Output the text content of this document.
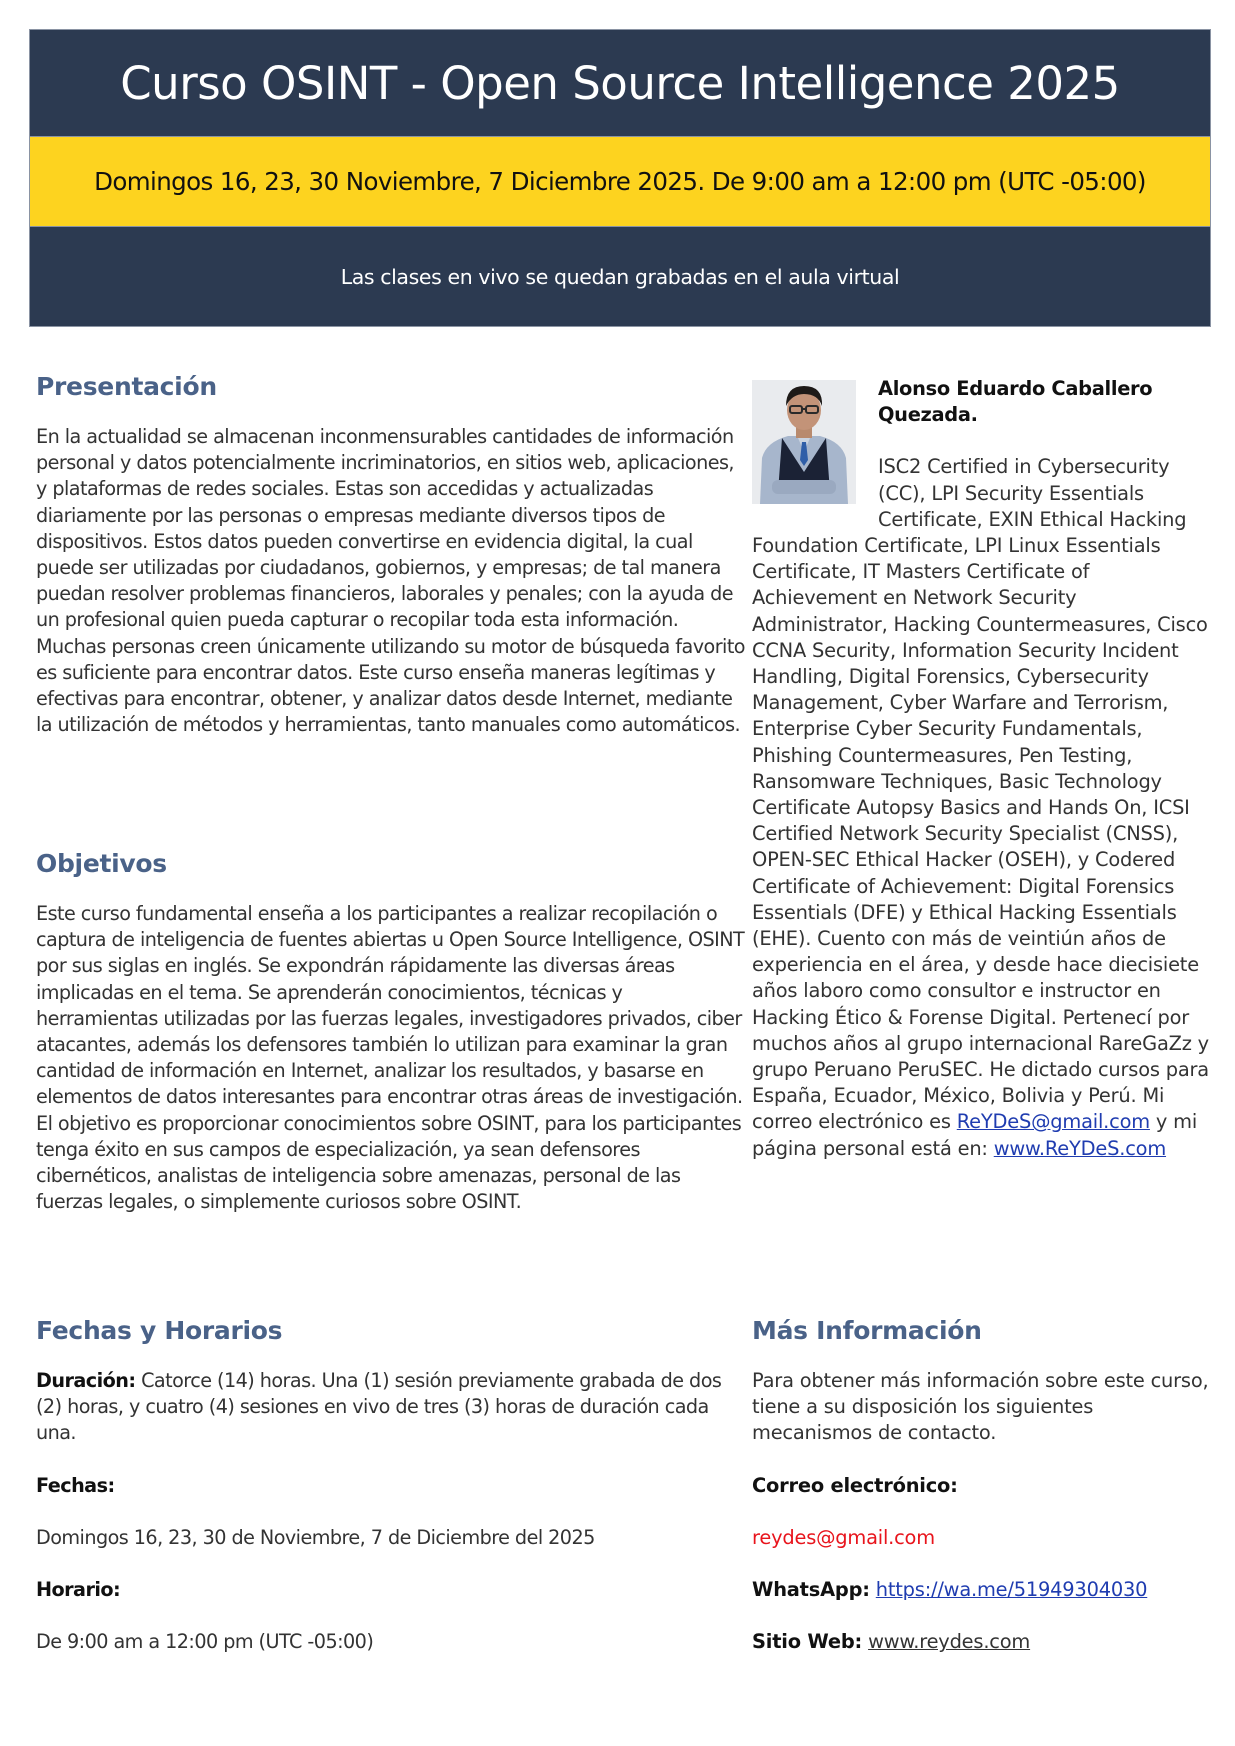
Curso OSINT - Open Source Intelligence 2025
Domingos 16, 23, 30 Noviembre, 7 Diciembre 2025. De 9:00 am a 12:00 pm (UTC -05:00)
Las clases en vivo se quedan grabadas en el aula virtual
Presentación

En la actualidad se almacenan inconmensurables cantidades de información personal y datos potencialmente incriminatorios, en sitios web, aplicaciones, y plataformas de redes sociales. Estas son accedidas y actualizadas diariamente por las personas o empresas mediante diversos tipos de dispositivos. Estos datos pueden convertirse en evidencia digital, la cual puede ser utilizadas por ciudadanos, gobiernos, y empresas; de tal manera puedan resolver problemas financieros, laborales y penales; con la ayuda de un profesional quien pueda capturar o recopilar toda esta información. Muchas personas creen únicamente utilizando su motor de búsqueda favorito es suficiente para encontrar datos. Este curso enseña maneras legítimas y efectivas para encontrar, obtener, y analizar datos desde Internet, mediante la utilización de métodos y herramientas, tanto manuales como automáticos.

Objetivos

Este curso fundamental enseña a los participantes a realizar recopilación o captura de inteligencia de fuentes abiertas u Open Source Intelligence, OSINT por sus siglas en inglés. Se expondrán rápidamente las diversas áreas implicadas en el tema. Se aprenderán conocimientos, técnicas y herramientas utilizadas por las fuerzas legales, investigadores privados, ciber atacantes, además los defensores también lo utilizan para examinar la gran cantidad de información en Internet, analizar los resultados, y basarse en elementos de datos interesantes para encontrar otras áreas de investigación. El objetivo es proporcionar conocimientos sobre OSINT, para los participantes tenga éxito en sus campos de especialización, ya sean defensores cibernéticos, analistas de inteligencia sobre amenazas, personal de las fuerzas legales, o simplemente curiosos sobre OSINT.

Fechas y Horarios

Duración: Catorce (14) horas. Una (1) sesión previamente grabada de dos (2) horas, y cuatro (4) sesiones en vivo de tres (3) horas de duración cada una.

Fechas:

Domingos 16, 23, 30 de Noviembre, 7 de Diciembre del 2025

Horario:

De 9:00 am a 12:00 pm (UTC -05:00)

Alonso Eduardo Caballero Quezada.

ISC2 Certified in Cybersecurity (CC), LPI Security Essentials Certificate, EXIN Ethical Hacking Foundation Certificate, LPI Linux Essentials Certificate, IT Masters Certificate of Achievement en Network Security Administrator, Hacking Countermeasures, Cisco CCNA Security, Information Security Incident Handling, Digital Forensics, Cybersecurity Management, Cyber Warfare and Terrorism, Enterprise Cyber Security Fundamentals, Phishing Countermeasures, Pen Testing, Ransomware Techniques, Basic Technology Certificate Autopsy Basics and Hands On, ICSI Certified Network Security Specialist (CNSS), OPEN-SEC Ethical Hacker (OSEH), y Codered Certificate of Achievement: Digital Forensics Essentials (DFE) y Ethical Hacking Essentials (EHE). Cuento con más de veintiún años de experiencia en el área, y desde hace diecisiete años laboro como consultor e instructor en Hacking Ético & Forense Digital. Pertenecí por muchos años al grupo internacional RareGaZz y grupo Peruano PeruSEC. He dictado cursos para España, Ecuador, México, Bolivia y Perú. Mi correo electrónico es ReYDeS@gmail.com y mi página personal está en: www.ReYDeS.com

Más Información

Para obtener más información sobre este curso, tiene a su disposición los siguientes mecanismos de contacto.

Correo electrónico:

reydes@gmail.com

WhatsApp: https://wa.me/51949304030

Sitio Web: www.reydes.com
